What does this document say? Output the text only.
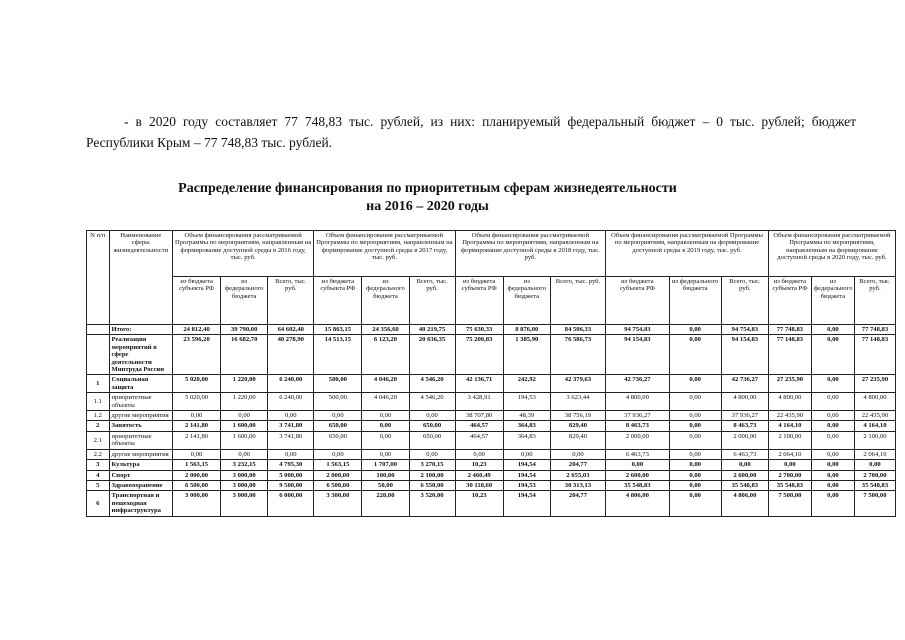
- в 2020 году составляет 77 748,83 тыс. рублей, из них: планируемый федеральный бюджет – 0 тыс. рублей; бюджет Республики Крым – 77 748,83 тыс. рублей.
Распределение финансирования по приоритетным сферам жизнедеятельности
на 2016 – 2020 годы
N п/п	Наименование сферы жизнедеятельности	Объем финансирования рассматриваемой Программы по мероприятиям, направленным на формирование доступной среды в 2016 году, тыс. руб.			Объем финансирования рассматриваемой Программы по мероприятиям, направленным на формирование доступной среды в 2017 году, тыс. руб.			Объем финансирования рассматриваемой Программы по мероприятиям, направленным на формирование доступной среды в 2018 году, тыс. руб.			Объем финансирования рассматриваемой Программы по мероприятиям, направленным на формирование доступной среды в 2019 году, тыс. руб.			Объем финансирования рассматриваемой Программы по мероприятиям, направленным на формирование доступной среды в 2020 году, тыс. руб.		
		из бюджета субъекта РФ	из федерального бюджета	Всего, тыс. руб.	из бюджета субъекта РФ	из федерального бюджета	Всего, тыс. руб.	из бюджета субъекта РФ	из федерального бюджета	Всего, тыс. руб.	из бюджета субъекта РФ	из федерального бюджета	Всего, тыс. руб.	из бюджета субъекта РФ	из федерального бюджета	Всего, тыс. руб.
	Итого:	24 812,40	39 790,00	64 602,40	15 863,15	24 356,60	40 219,75	75 630,33	8 876,00	84 506,33	94 754,83	0,00	94 754,83	77 748,83	0,00	77 748,83
	Реализация мероприятий в сфере деятельности Минтруда России	23 596,20	16 682,70	40 278,90	14 513,15	6 123,20	20 636,35	75 200,83	1 385,90	76 586,73	94 154,83	0,00	94 154,83	77 148,83	0,00	77 148,83
1	Социальная защита	5 020,00	1 220,00	6 240,00	500,00	4 046,20	4 546,20	42 136,71	242,92	42 379,63	42 736,27	0,00	42 736,27	27 235,90	0,00	27 235,90
1.1	приоритетные объекты	5 020,00	1 220,00	6 240,00	500,00	4 046,20	4 546,20	3 428,91	194,53	3 623,44	4 800,00	0,00	4 800,00	4 800,00	0,00	4 800,00
1.2	другие мероприятия	0,00	0,00	0,00	0,00	0,00	0,00	38 707,80	48,39	38 756,19	37 936,27	0,00	37 936,27	22 435,90	0,00	22 435,90
2	Занятость	2 141,80	1 600,00	3 741,80	650,00	0,00	650,00	464,57	364,83	829,40	8 463,73	0,00	8 463,73	4 164,10	0,00	4 164,10
2.1	приоритетные объекты	2 141,80	1 600,00	3 741,80	650,00	0,00	650,00	464,57	364,83	829,40	2 000,00	0,00	2 000,00	2 100,00	0,00	2 100,00
2.2	другие мероприятия	0,00	0,00	0,00	0,00	0,00	0,00	0,00	0,00	0,00	6 463,73	0,00	6 463,73	2 064,10	0,00	2 064,10
3	Культура	1 563,15	3 232,15	4 795,30	1 563,15	1 707,00	3 270,15	10,23	194,54	204,77	0,00	0,00	0,00	0,00	0,00	0,00
4	Спорт	2 000,00	3 000,00	5 000,00	2 000,00	100,00	2 100,00	2 460,49	194,54	2 655,03	2 600,00	0,00	2 600,00	2 700,00	0,00	2 700,00
5	Здравоохранение	6 500,00	3 000,00	9 500,00	6 500,00	50,00	6 550,00	30 118,60	194,53	30 313,13	35 548,83	0,00	35 548,83	35 548,83	0,00	35 548,83
6	Транспортная и пешеходная инфраструктура	3 000,00	3 000,00	6 000,00	3 300,00	220,00	3 520,00	10,23	194,54	204,77	4 806,00	0,00	4 806,00	7 500,00	0,00	7 500,00
